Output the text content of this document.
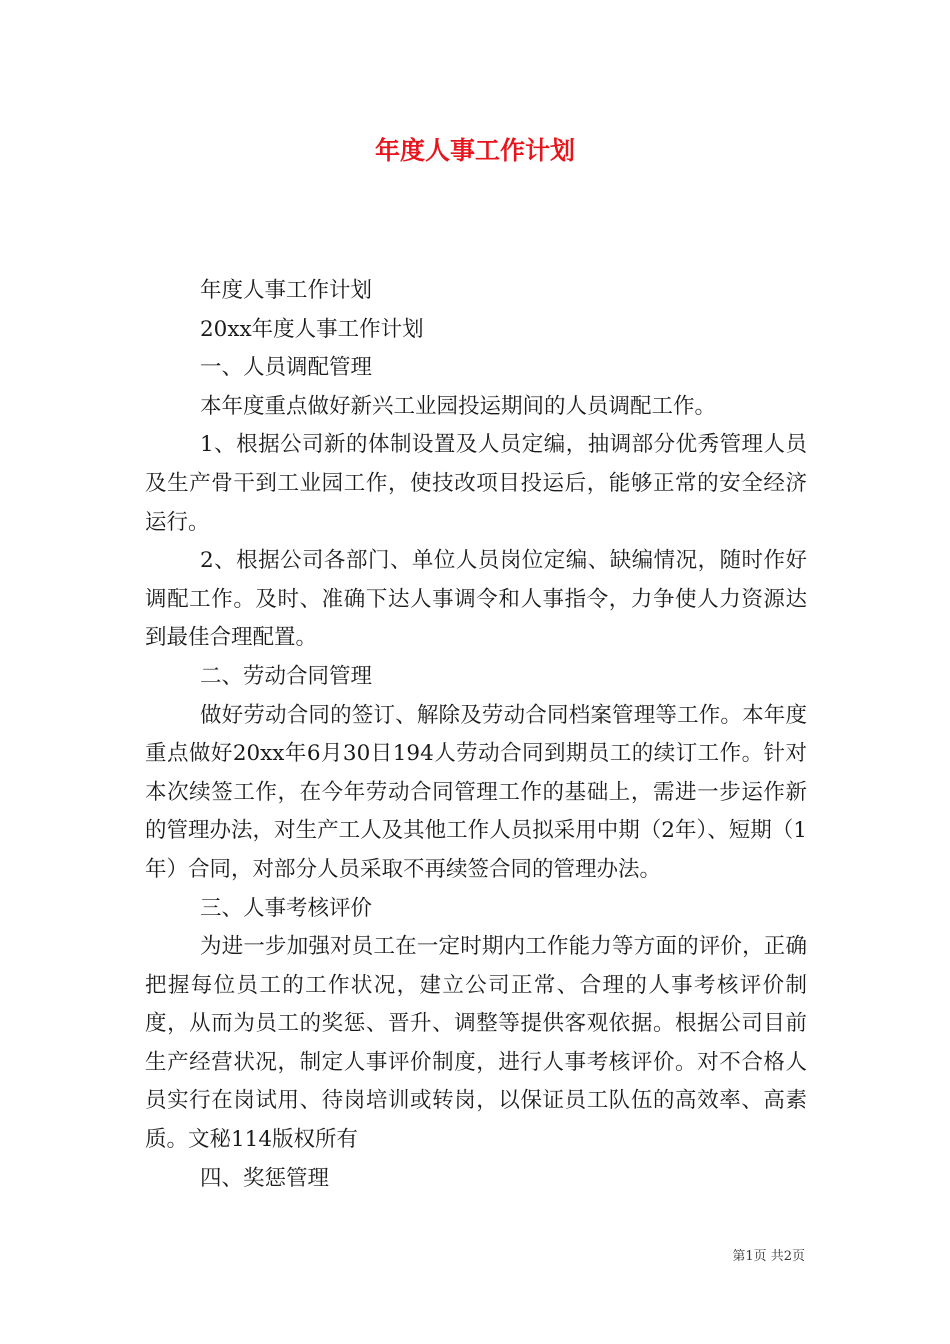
年度人事工作计划

年度人事工作计划

20xx年度人事工作计划

一、人员调配管理

本年度重点做好新兴工业园投运期间的人员调配工作。

1、根据公司新的体制设置及人员定编，抽调部分优秀管理人员及生产骨干到工业园工作，使技改项目投运后，能够正常的安全经济运行。

2、根据公司各部门、单位人员岗位定编、缺编情况，随时作好调配工作。及时、准确下达人事调令和人事指令，力争使人力资源达到最佳合理配置。

二、劳动合同管理

做好劳动合同的签订、解除及劳动合同档案管理等工作。本年度重点做好20xx年6月30日194人劳动合同到期员工的续订工作。针对本次续签工作，在今年劳动合同管理工作的基础上，需进一步运作新的管理办法，对生产工人及其他工作人员拟采用中期（2年）、短期（1年）合同，对部分人员采取不再续签合同的管理办法。

三、人事考核评价

为进一步加强对员工在一定时期内工作能力等方面的评价，正确把握每位员工的工作状况，建立公司正常、合理的人事考核评价制度，从而为员工的奖惩、晋升、调整等提供客观依据。根据公司目前生产经营状况，制定人事评价制度，进行人事考核评价。对不合格人员实行在岗试用、待岗培训或转岗，以保证员工队伍的高效率、高素质。文秘114版权所有

四、奖惩管理

第1页 共2页
